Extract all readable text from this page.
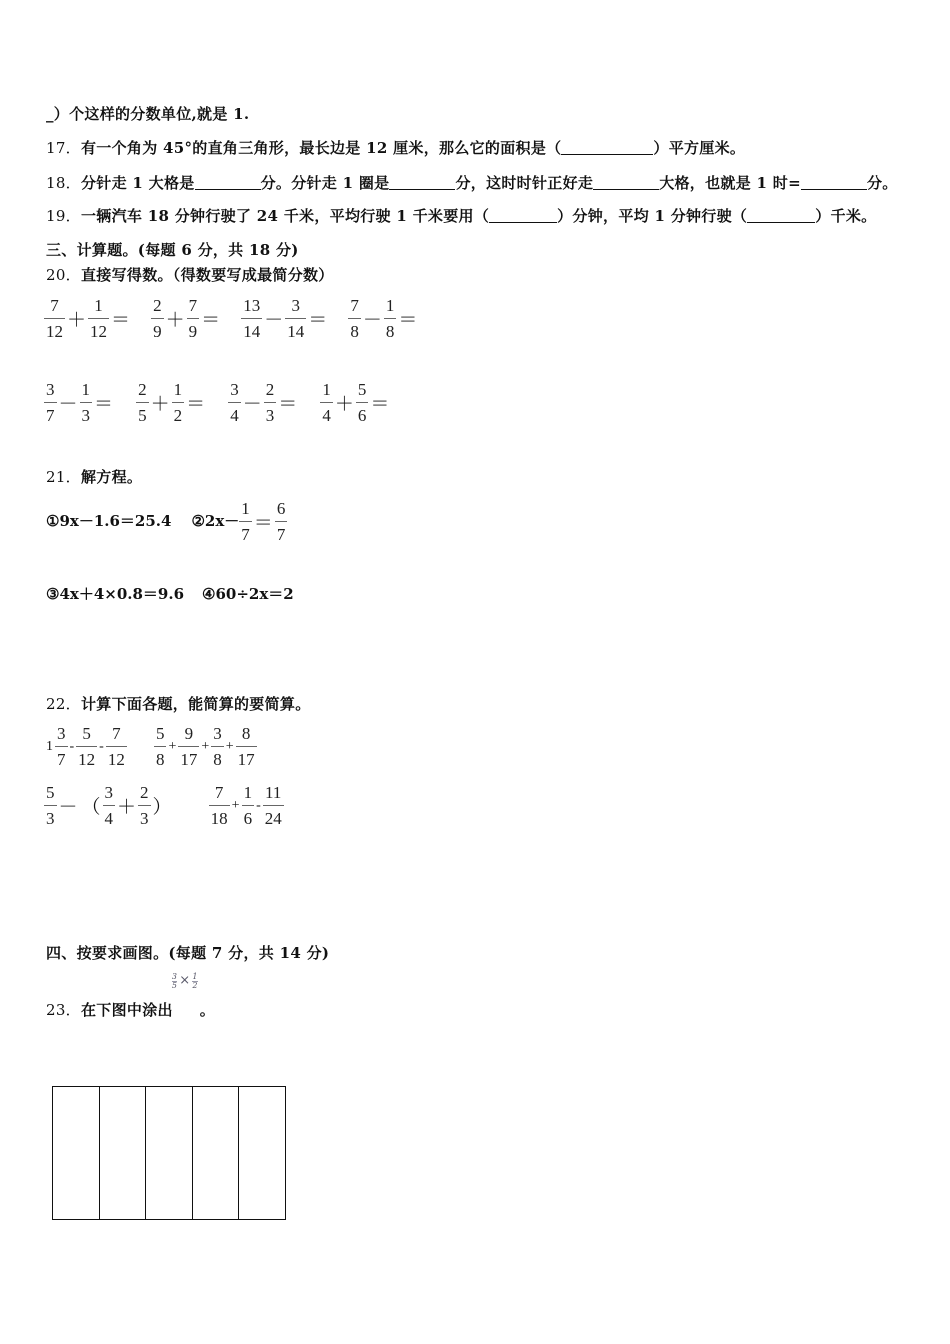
_）个这样的分数单位,就是 1.
17．有一个角为 45°的直角三角形，最长边是 12 厘米，那么它的面积是（	）平方厘米。
18．分针走 1 大格是	分。分针走 1 圈是	分，这时时针正好走	大格，也就是 1 时=	分。
19．一辆汽车 18 分钟行驶了 24 千米，平均行驶 1 千米要用（	）分钟，平均 1 分钟行驶（	）千米。
三、计算题。(每题 6 分，共 18 分)
20．直接写得数。（得数要写成最简分数）
$\frac{7}{12} + \frac{1}{12} = \frac{2}{9} + \frac{7}{9} = \frac{13}{14} - \frac{3}{14} = \frac{7}{8} - \frac{1}{8}$ ＝
$\frac{3}{7} - \frac{1}{3} = \frac{2}{5} + \frac{1}{2} = \frac{3}{4} - \frac{2}{3} = \frac{1}{4} + \frac{5}{6}$ ＝
21．解方程。
①9x－1.6＝25.4 ②2x－ $\frac{1}{7} = \frac{6}{7}$
③4x＋4×0.8＝9.6 ④60÷2x＝2
22．计算下面各题，能简算的要简算。
$1 \frac{3}{7} - \frac{5}{12} - \frac{7}{12}$
$\frac{5}{8} + \frac{9}{17} + \frac{3}{8} + \frac{8}{17}$
$\frac{5}{3}$ － （ $\frac{3}{4} + \frac{2}{3}$ ） $\frac{7}{18} + \frac{1}{6} - \frac{11}{24}$
四、按要求画图。(每题 7 分，共 14 分)
23．在下图中涂出
$\frac{3}{5} \times \frac{1}{2}$
。
